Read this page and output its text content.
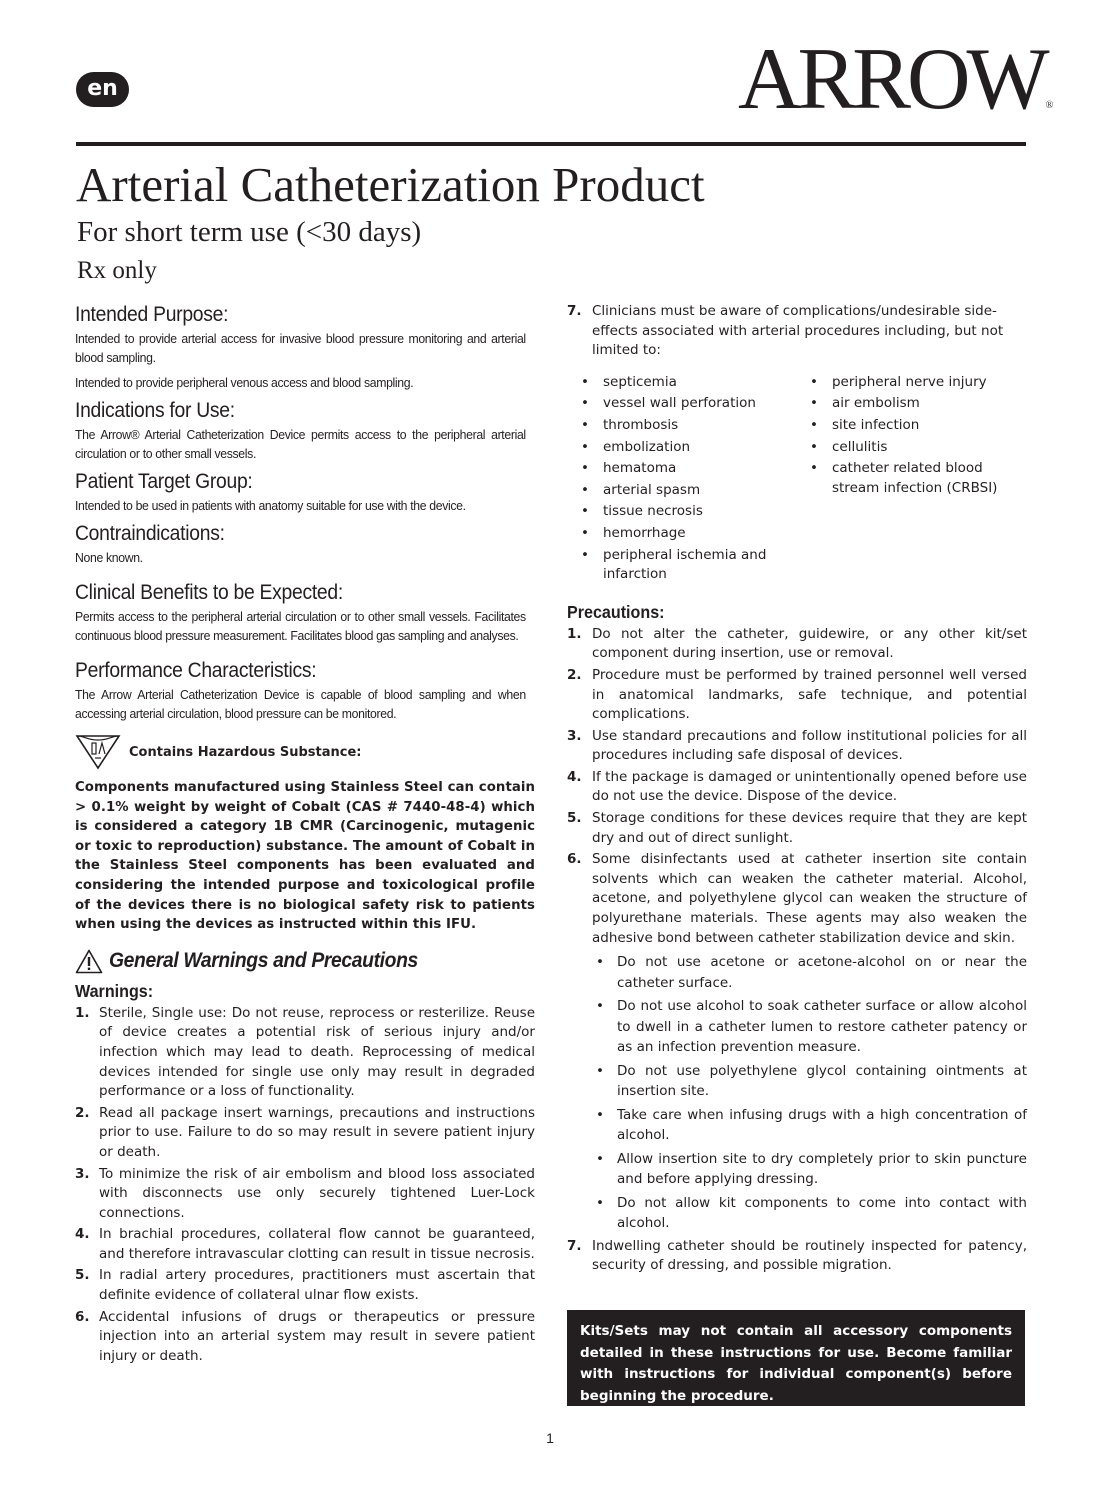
en	ARROW®
Arterial Catheterization Product
For short term use (<30 days)
Rx only
Intended Purpose:

Intended to provide arterial access for invasive blood pressure monitoring and arterial blood sampling.

Intended to provide peripheral venous access and blood sampling.

Indications for Use:

The Arrow® Arterial Catheterization Device permits access to the peripheral arterial circulation or to other small vessels.

Patient Target Group:

Intended to be used in patients with anatomy suitable for use with the device.

Contraindications:

None known.

Clinical Benefits to be Expected:

Permits access to the peripheral arterial circulation or to other small vessels. Facilitates continuous blood pressure measurement. Facilitates blood gas sampling and analyses.

Performance Characteristics:

The Arrow Arterial Catheterization Device is capable of blood sampling and when accessing arterial circulation, blood pressure can be monitored.

Contains Hazardous Substance:

Components manufactured using Stainless Steel can contain > 0.1% weight by weight of Cobalt (CAS # 7440-48-4) which is considered a category 1B CMR (Carcinogenic, mutagenic or toxic to reproduction) substance. The amount of Cobalt in the Stainless Steel components has been evaluated and considering the intended purpose and toxicological profile of the devices there is no biological safety risk to patients when using the devices as instructed within this IFU.

General Warnings and Precautions
Warnings:
1. Sterile, Single use: Do not reuse, reprocess or resterilize. Reuse of device creates a potential risk of serious injury and/or infection which may lead to death. Reprocessing of medical devices intended for single use only may result in degraded performance or a loss of functionality.
2. Read all package insert warnings, precautions and instructions prior to use. Failure to do so may result in severe patient injury or death.
3. To minimize the risk of air embolism and blood loss associated with disconnects use only securely tightened Luer-Lock connections.
4. In brachial procedures, collateral flow cannot be guaranteed, and therefore intravascular clotting can result in tissue necrosis.
5. In radial artery procedures, practitioners must ascertain that definite evidence of collateral ulnar flow exists.
6. Accidental infusions of drugs or therapeutics or pressure injection into an arterial system may result in severe patient injury or death.
7. Clinicians must be aware of complications/undesirable side-effects associated with arterial procedures including, but not limited to:
• septicemia
• vessel wall perforation
• thrombosis
• embolization
• hematoma
• arterial spasm
• tissue necrosis
• hemorrhage
• peripheral ischemia and infarction
• peripheral nerve injury
• air embolism
• site infection
• cellulitis
• catheter related blood stream infection (CRBSI)
Precautions:
1. Do not alter the catheter, guidewire, or any other kit/set component during insertion, use or removal.
2. Procedure must be performed by trained personnel well versed in anatomical landmarks, safe technique, and potential complications.
3. Use standard precautions and follow institutional policies for all procedures including safe disposal of devices.
4. If the package is damaged or unintentionally opened before use do not use the device. Dispose of the device.
5. Storage conditions for these devices require that they are kept dry and out of direct sunlight.
6. Some disinfectants used at catheter insertion site contain solvents which can weaken the catheter material. Alcohol, acetone, and polyethylene glycol can weaken the structure of polyurethane materials. These agents may also weaken the adhesive bond between catheter stabilization device and skin.
• Do not use acetone or acetone-alcohol on or near the catheter surface.
• Do not use alcohol to soak catheter surface or allow alcohol to dwell in a catheter lumen to restore catheter patency or as an infection prevention measure.
• Do not use polyethylene glycol containing ointments at insertion site.
• Take care when infusing drugs with a high concentration of alcohol.
• Allow insertion site to dry completely prior to skin puncture and before applying dressing.
• Do not allow kit components to come into contact with alcohol.
7. Indwelling catheter should be routinely inspected for patency, security of dressing, and possible migration.
Kits/Sets may not contain all accessory components detailed in these instructions for use. Become familiar with instructions for individual component(s) before beginning the procedure.
1
